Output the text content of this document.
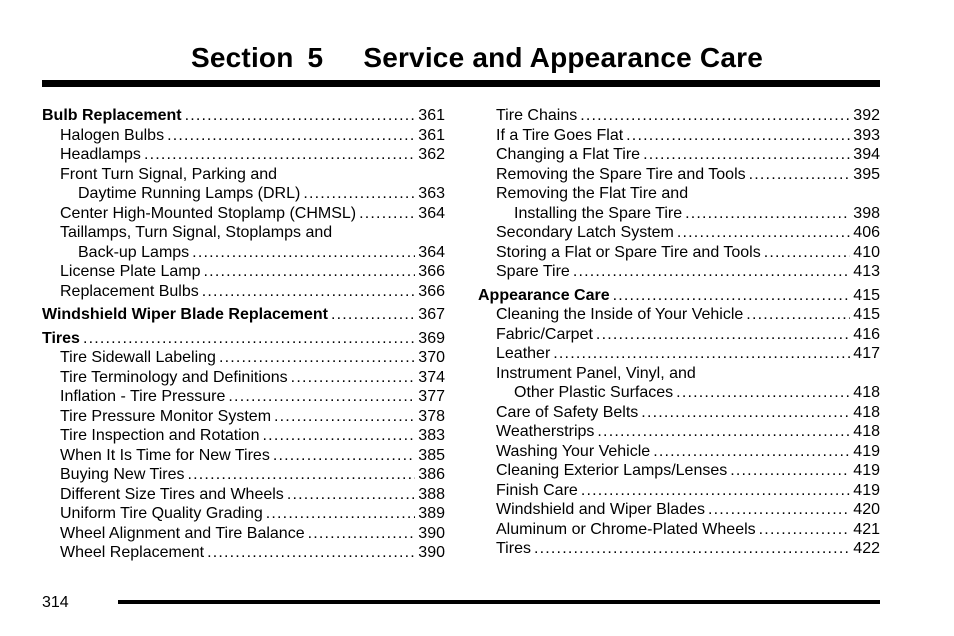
Section 5 Service and Appearance Care
Bulb Replacement .....	361
Halogen Bulbs .....	361
Headlamps .....	362
Front Turn Signal, Parking and
Daytime Running Lamps (DRL) .....	363
Center High-Mounted Stoplamp (CHMSL) .....	364
Taillamps, Turn Signal, Stoplamps and
Back-up Lamps .....	364
License Plate Lamp .....	366
Replacement Bulbs .....	366
Windshield Wiper Blade Replacement .....	367
Tires .....	369
Tire Sidewall Labeling .....	370
Tire Terminology and Definitions .....	374
Inflation - Tire Pressure .....	377
Tire Pressure Monitor System .....	378
Tire Inspection and Rotation .....	383
When It Is Time for New Tires .....	385
Buying New Tires .....	386
Different Size Tires and Wheels .....	388
Uniform Tire Quality Grading .....	389
Wheel Alignment and Tire Balance .....	390
Wheel Replacement .....	390
Tire Chains .....	392
If a Tire Goes Flat .....	393
Changing a Flat Tire .....	394
Removing the Spare Tire and Tools .....	395
Removing the Flat Tire and
Installing the Spare Tire .....	398
Secondary Latch System .....	406
Storing a Flat or Spare Tire and Tools .....	410
Spare Tire .....	413
Appearance Care .....	415
Cleaning the Inside of Your Vehicle .....	415
Fabric/Carpet .....	416
Leather .....	417
Instrument Panel, Vinyl, and
Other Plastic Surfaces .....	418
Care of Safety Belts .....	418
Weatherstrips .....	418
Washing Your Vehicle .....	419
Cleaning Exterior Lamps/Lenses .....	419
Finish Care .....	419
Windshield and Wiper Blades .....	420
Aluminum or Chrome-Plated Wheels .....	421
Tires .....	422
314
